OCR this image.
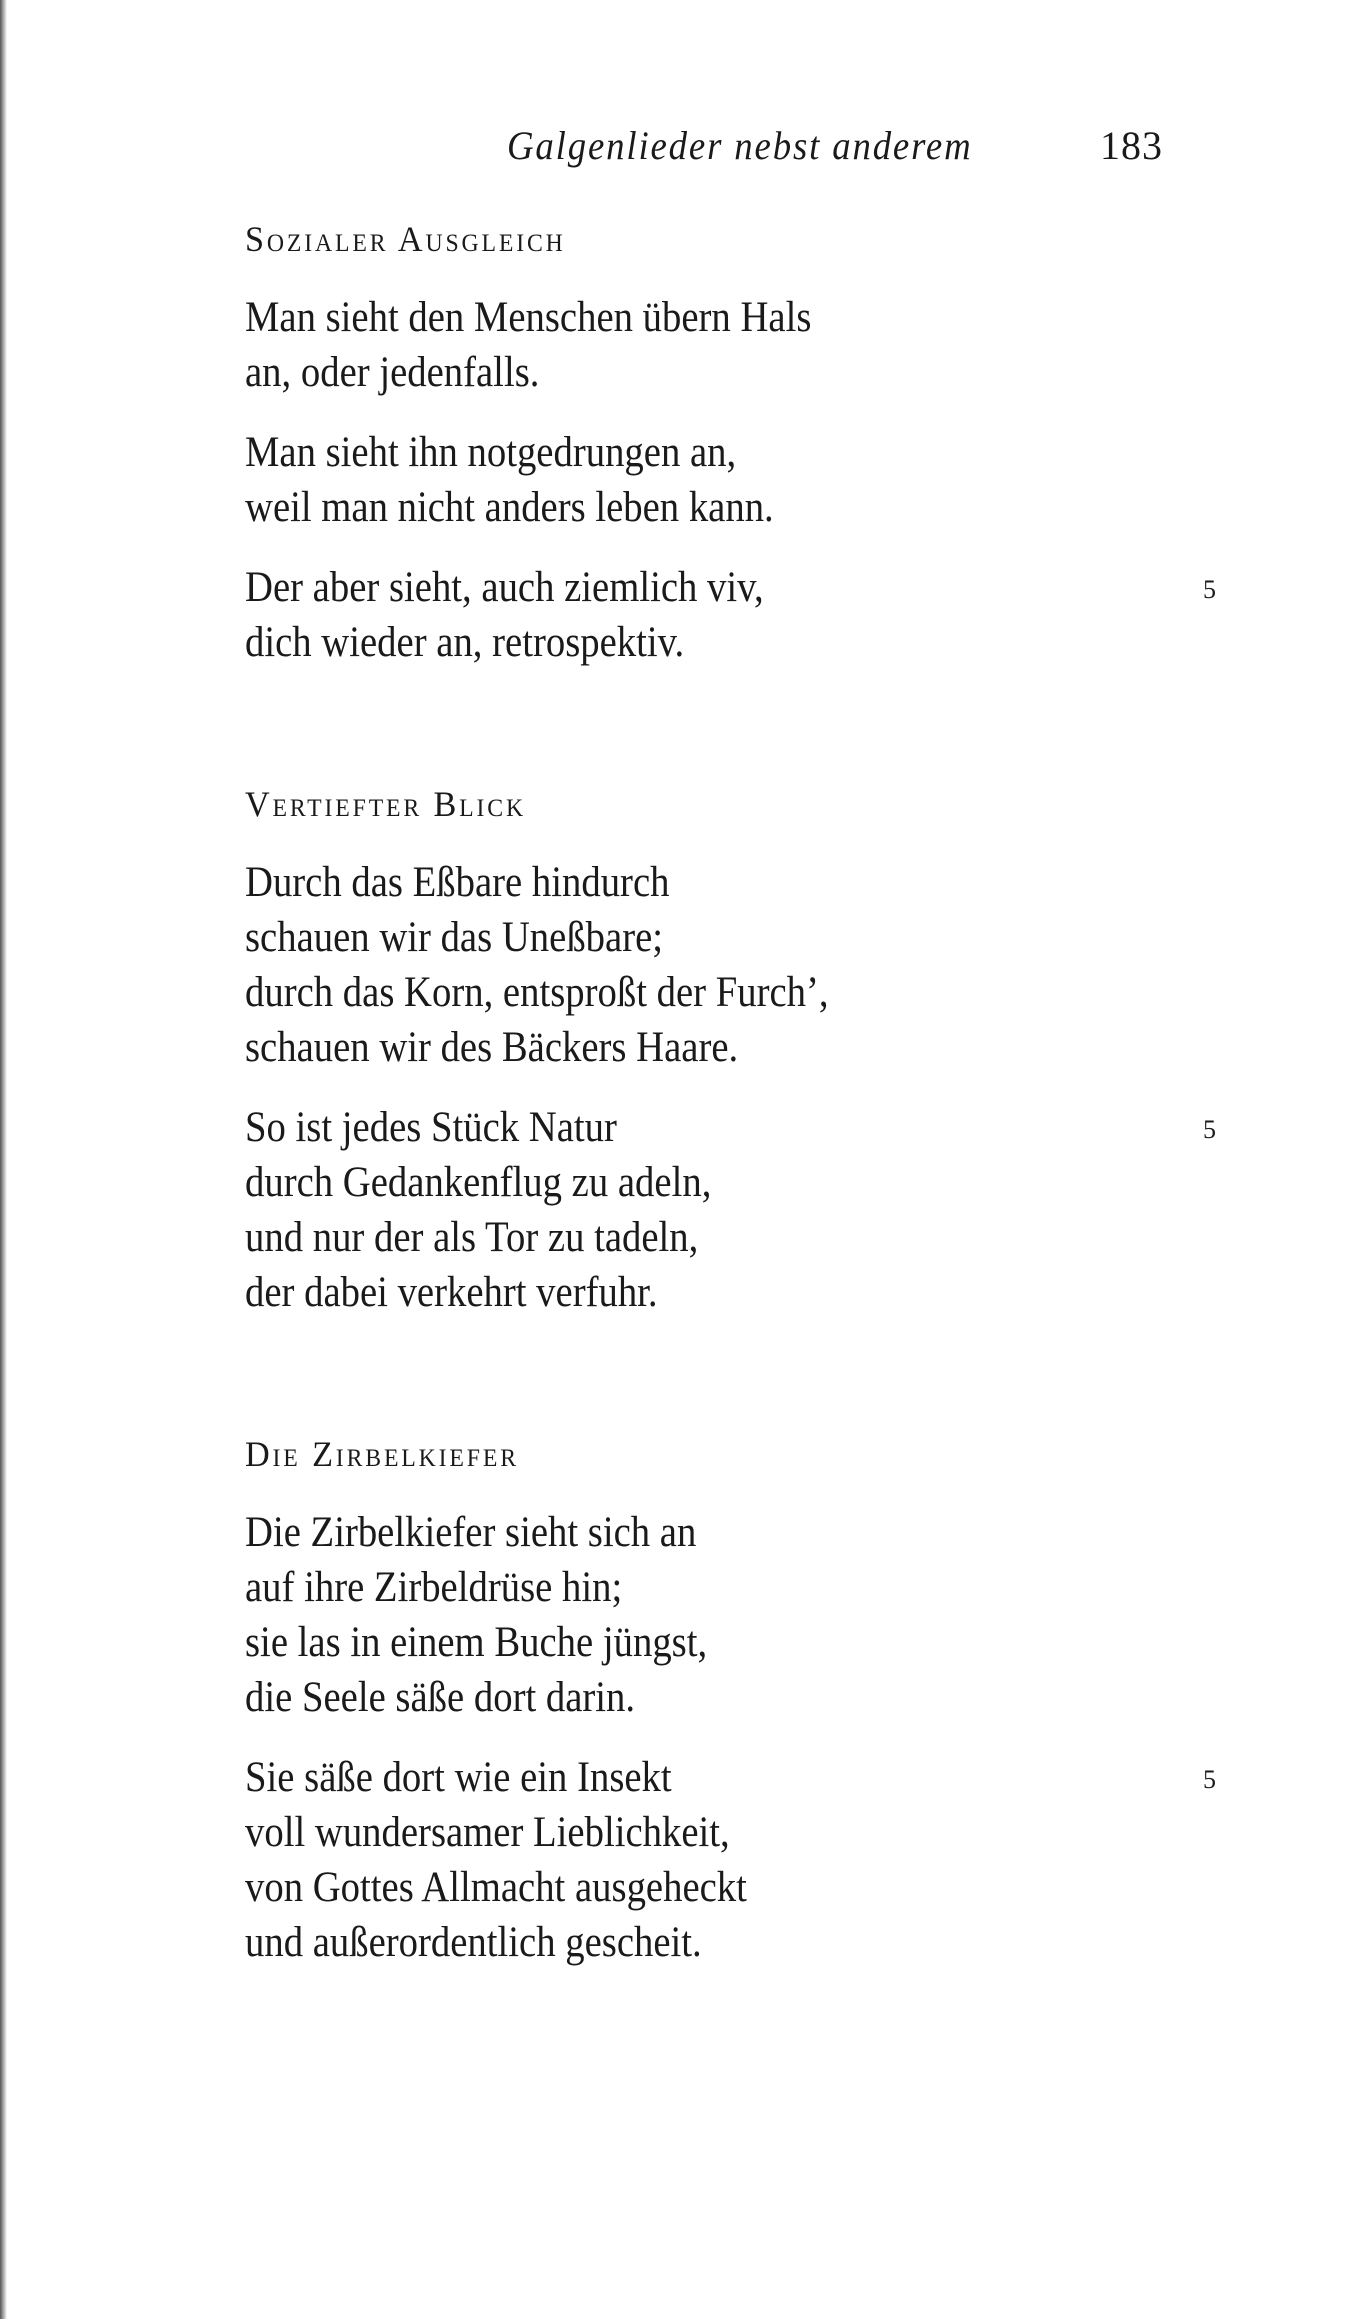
Galgenlieder nebst anderem	183
Sozialer Ausgleich
Man sieht den Menschen übern Hals
an, oder jedenfalls.
Man sieht ihn notgedrungen an,
weil man nicht anders leben kann.
5
Der aber sieht, auch ziemlich viv,
dich wieder an, retrospektiv.
Vertiefter Blick
Durch das Eßbare hindurch
schauen wir das Uneßbare;
durch das Korn, entsproßt der Furch’,
schauen wir des Bäckers Haare.
5
So ist jedes Stück Natur
durch Gedankenflug zu adeln,
und nur der als Tor zu tadeln,
der dabei verkehrt verfuhr.
Die Zirbelkiefer
Die Zirbelkiefer sieht sich an
auf ihre Zirbeldrüse hin;
sie las in einem Buche jüngst,
die Seele säße dort darin.
5
Sie säße dort wie ein Insekt
voll wundersamer Lieblichkeit,
von Gottes Allmacht ausgeheckt
und außerordentlich gescheit.
